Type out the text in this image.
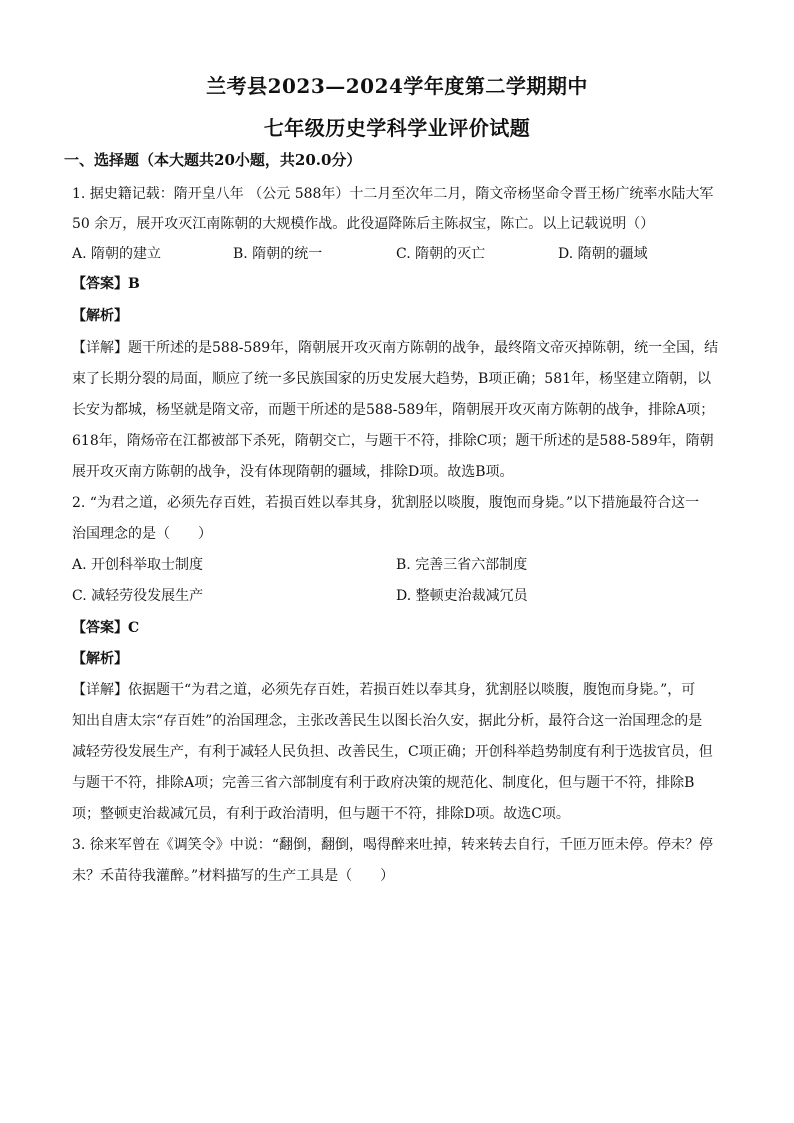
兰考县2023—2024学年度第二学期期中
七年级历史学科学业评价试题
一、选择题（本大题共20小题，共20.0分）
1. 据史籍记载：隋开皇八年 （公元 588年）十二月至次年二月，隋文帝杨坚命令晋王杨广统率水陆大军
50 余万，展开攻灭江南陈朝的大规模作战。此役逼降陈后主陈叔宝，陈亡。以上记载说明（）
A. 隋朝的建立	B. 隋朝的统一	C. 隋朝的灭亡	D. 隋朝的疆域
【答案】B
【解析】
【详解】题干所述的是588-589年，隋朝展开攻灭南方陈朝的战争，最终隋文帝灭掉陈朝，统一全国，结
束了长期分裂的局面，顺应了统一多民族国家的历史发展大趋势，B项正确；581年，杨坚建立隋朝，以
长安为都城，杨坚就是隋文帝，而题干所述的是588-589年，隋朝展开攻灭南方陈朝的战争，排除A项；
618年，隋炀帝在江都被部下杀死，隋朝交亡，与题干不符，排除C项；题干所述的是588-589年，隋朝
展开攻灭南方陈朝的战争，没有体现隋朝的疆域，排除D项。故选B项。
2. “为君之道，必须先存百姓，若损百姓以奉其身，犹割胫以啖腹，腹饱而身毙。”以下措施最符合这一
治国理念的是（　　）
A. 开创科举取士制度	B. 完善三省六部制度
C. 减轻劳役发展生产	D. 整顿吏治裁减冗员
【答案】C
【解析】
【详解】依据题干“为君之道，必须先存百姓，若损百姓以奉其身，犹割胫以啖腹，腹饱而身毙。”，可
知出自唐太宗“存百姓”的治国理念，主张改善民生以图长治久安，据此分析，最符合这一治国理念的是
减轻劳役发展生产，有利于减轻人民负担、改善民生，C项正确；开创科举趋势制度有利于选拔官员，但
与题干不符，排除A项；完善三省六部制度有利于政府决策的规范化、制度化，但与题干不符，排除B
项；整顿吏治裁减冗员，有利于政治清明，但与题干不符，排除D项。故选C项。
3. 徐来军曾在《调笑令》中说：“翻倒，翻倒，喝得醉来吐掉，转来转去自行，千匝万匝未停。停未？停
未？禾苗待我灌醉。”材料描写的生产工具是（　　）
